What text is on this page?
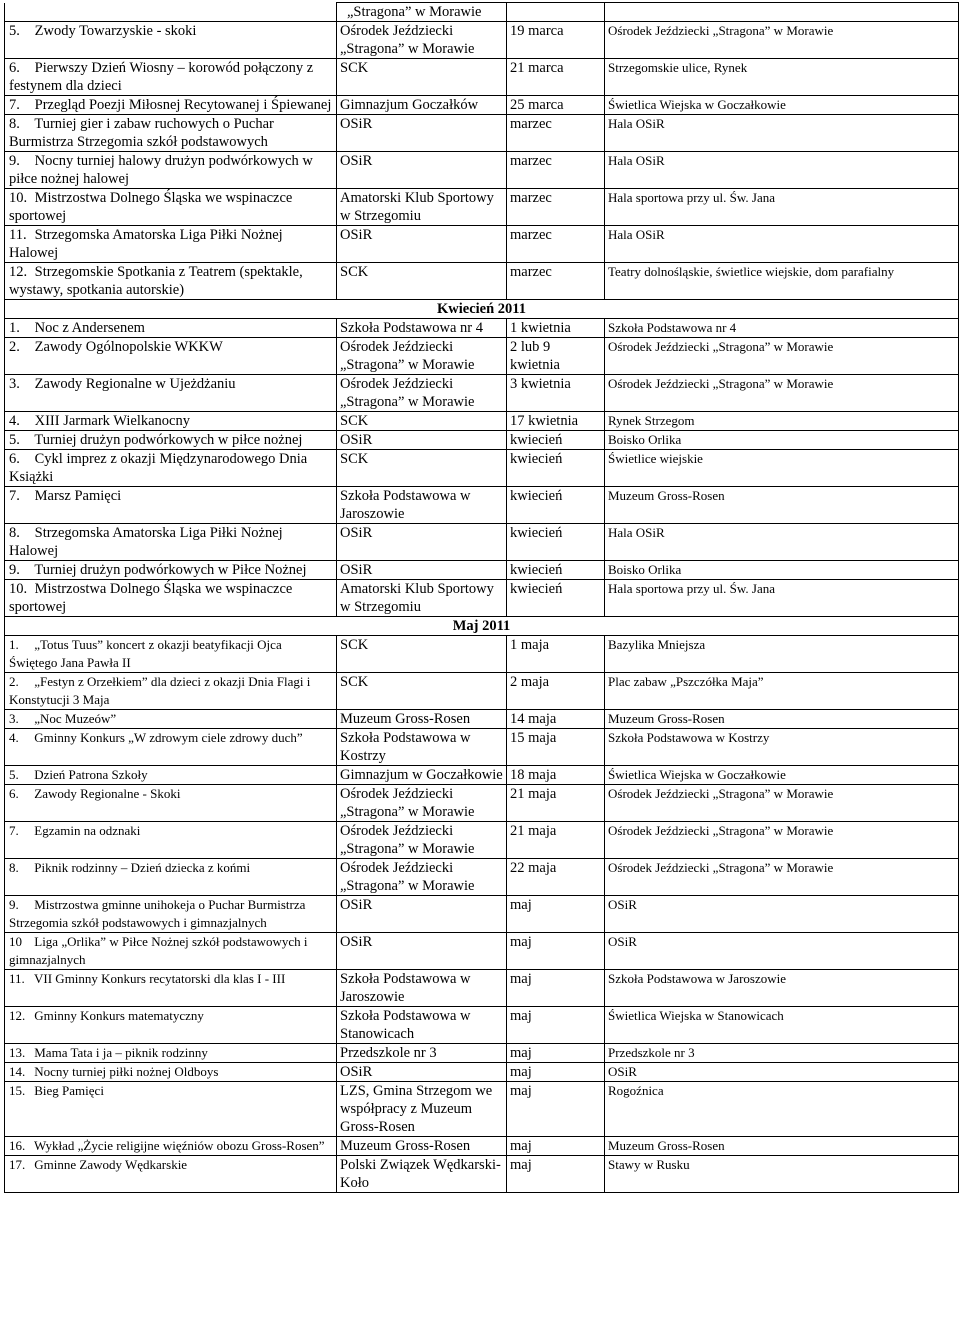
	„Stragona” w Morawie		
5. Zwody Towarzyskie - skoki	Ośrodek Jeździecki „Stragona” w Morawie	19 marca	Ośrodek Jeździecki „Stragona” w Morawie
6. Pierwszy Dzień Wiosny – korowód połączony z festynem dla dzieci	SCK	21 marca	Strzegomskie ulice, Rynek
7. Przegląd Poezji Miłosnej Recytowanej i Śpiewanej	Gimnazjum Goczałków	25 marca	Świetlica Wiejska w Goczałkowie
8. Turniej gier i zabaw ruchowych o Puchar Burmistrza Strzegomia szkół podstawowych	OSiR	marzec	Hala OSiR
9. Nocny turniej halowy drużyn podwórkowych w piłce nożnej halowej	OSiR	marzec	Hala OSiR
10. Mistrzostwa Dolnego Śląska we wspinaczce sportowej	Amatorski Klub Sportowy w Strzegomiu	marzec	Hala sportowa przy ul. Św. Jana
11. Strzegomska Amatorska Liga Piłki Nożnej Halowej	OSiR	marzec	Hala OSiR
12. Strzegomskie Spotkania z Teatrem (spektakle, wystawy, spotkania autorskie)	SCK	marzec	Teatry dolnośląskie, świetlice wiejskie, dom parafialny
Kwiecień 2011			
1. Noc z Andersenem	Szkoła Podstawowa nr 4	1 kwietnia	Szkoła Podstawowa nr 4
2. Zawody Ogólnopolskie WKKW	Ośrodek Jeździecki „Stragona” w Morawie	2 lub 9 kwietnia	Ośrodek Jeździecki „Stragona” w Morawie
3. Zawody Regionalne w Ujeżdżaniu	Ośrodek Jeździecki „Stragona” w Morawie	3 kwietnia	Ośrodek Jeździecki „Stragona” w Morawie
4. XIII Jarmark Wielkanocny	SCK	17 kwietnia	Rynek Strzegom
5. Turniej drużyn podwórkowych w piłce nożnej	OSiR	kwiecień	Boisko Orlika
6. Cykl imprez z okazji Międzynarodowego Dnia Książki	SCK	kwiecień	Świetlice wiejskie
7. Marsz Pamięci	Szkoła Podstawowa w Jaroszowie	kwiecień	Muzeum Gross-Rosen
8. Strzegomska Amatorska Liga Piłki Nożnej Halowej	OSiR	kwiecień	Hala OSiR
9. Turniej drużyn podwórkowych w Piłce Nożnej	OSiR	kwiecień	Boisko Orlika
10. Mistrzostwa Dolnego Śląska we wspinaczce sportowej	Amatorski Klub Sportowy w Strzegomiu	kwiecień	Hala sportowa przy ul. Św. Jana
Maj 2011			
1. „Totus Tuus” koncert z okazji beatyfikacji Ojca Świętego Jana Pawła II	SCK	1 maja	Bazylika Mniejsza
2. „Festyn z Orzełkiem” dla dzieci z okazji Dnia Flagi i Konstytucji 3 Maja	SCK	2 maja	Plac zabaw „Pszczółka Maja”
3. „Noc Muzeów”	Muzeum Gross-Rosen	14 maja	Muzeum Gross-Rosen
4. Gminny Konkurs „W zdrowym ciele zdrowy duch”	Szkoła Podstawowa w Kostrzy	15 maja	Szkoła Podstawowa w Kostrzy
5. Dzień Patrona Szkoły	Gimnazjum w Goczałkowie	18 maja	Świetlica Wiejska w Goczałkowie
6. Zawody Regionalne - Skoki	Ośrodek Jeździecki „Stragona” w Morawie	21 maja	Ośrodek Jeździecki „Stragona” w Morawie
7. Egzamin na odznaki	Ośrodek Jeździecki „Stragona” w Morawie	21 maja	Ośrodek Jeździecki „Stragona” w Morawie
8. Piknik rodzinny – Dzień dziecka z końmi	Ośrodek Jeździecki „Stragona” w Morawie	22 maja	Ośrodek Jeździecki „Stragona” w Morawie
9. Mistrzostwa gminne unihokeja o Puchar Burmistrza Strzegomia szkół podstawowych i gimnazjalnych	OSiR	maj	OSiR
10 Liga „Orlika” w Piłce Nożnej szkół podstawowych i gimnazjalnych	OSiR	maj	OSiR
11. VII Gminny Konkurs recytatorski dla klas I - III	Szkoła Podstawowa w Jaroszowie	maj	Szkoła Podstawowa w Jaroszowie
12. Gminny Konkurs matematyczny	Szkoła Podstawowa w Stanowicach	maj	Świetlica Wiejska w Stanowicach
13. Mama Tata i ja – piknik rodzinny	Przedszkole nr 3	maj	Przedszkole nr 3
14. Nocny turniej piłki nożnej Oldboys	OSiR	maj	OSiR
15. Bieg Pamięci	LZS, Gmina Strzegom we współpracy z Muzeum Gross-Rosen	maj	Rogoźnica
16. Wykład „Życie religijne więźniów obozu Gross-Rosen”	Muzeum Gross-Rosen	maj	Muzeum Gross-Rosen
17. Gminne Zawody Wędkarskie	Polski Związek Wędkarski- Koło	maj	Stawy w Rusku
